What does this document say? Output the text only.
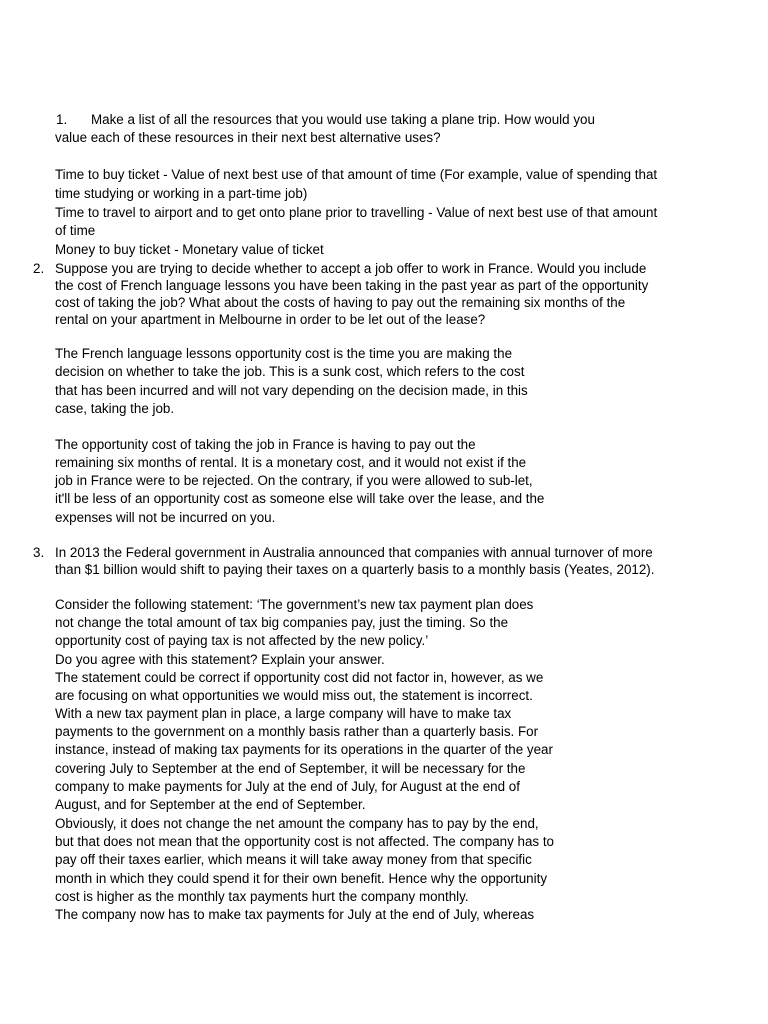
1. Make a list of all the resources that you would use taking a plane trip. How would you
value each of these resources in their next best alternative uses?
Time to buy ticket - Value of next best use of that amount of time (For example, value of spending that
time studying or working in a part-time job)
Time to travel to airport and to get onto plane prior to travelling - Value of next best use of that amount
of time
Money to buy ticket - Monetary value of ticket
2. Suppose you are trying to decide whether to accept a job offer to work in France. Would you include
the cost of French language lessons you have been taking in the past year as part of the opportunity
cost of taking the job? What about the costs of having to pay out the remaining six months of the
rental on your apartment in Melbourne in order to be let out of the lease?
The French language lessons opportunity cost is the time you are making the
decision on whether to take the job. This is a sunk cost, which refers to the cost
that has been incurred and will not vary depending on the decision made, in this
case, taking the job.
The opportunity cost of taking the job in France is having to pay out the
remaining six months of rental. It is a monetary cost, and it would not exist if the
job in France were to be rejected. On the contrary, if you were allowed to sub-let,
it'll be less of an opportunity cost as someone else will take over the lease, and the
expenses will not be incurred on you.
3. In 2013 the Federal government in Australia announced that companies with annual turnover of more
than $1 billion would shift to paying their taxes on a quarterly basis to a monthly basis (Yeates, 2012).
Consider the following statement: ‘The government’s new tax payment plan does
not change the total amount of tax big companies pay, just the timing. So the
opportunity cost of paying tax is not affected by the new policy.’
Do you agree with this statement? Explain your answer.
The statement could be correct if opportunity cost did not factor in, however, as we
are focusing on what opportunities we would miss out, the statement is incorrect.
With a new tax payment plan in place, a large company will have to make tax
payments to the government on a monthly basis rather than a quarterly basis. For
instance, instead of making tax payments for its operations in the quarter of the year
covering July to September at the end of September, it will be necessary for the
company to make payments for July at the end of July, for August at the end of
August, and for September at the end of September.
Obviously, it does not change the net amount the company has to pay by the end,
but that does not mean that the opportunity cost is not affected. The company has to
pay off their taxes earlier, which means it will take away money from that specific
month in which they could spend it for their own benefit. Hence why the opportunity
cost is higher as the monthly tax payments hurt the company monthly.
The company now has to make tax payments for July at the end of July, whereas
